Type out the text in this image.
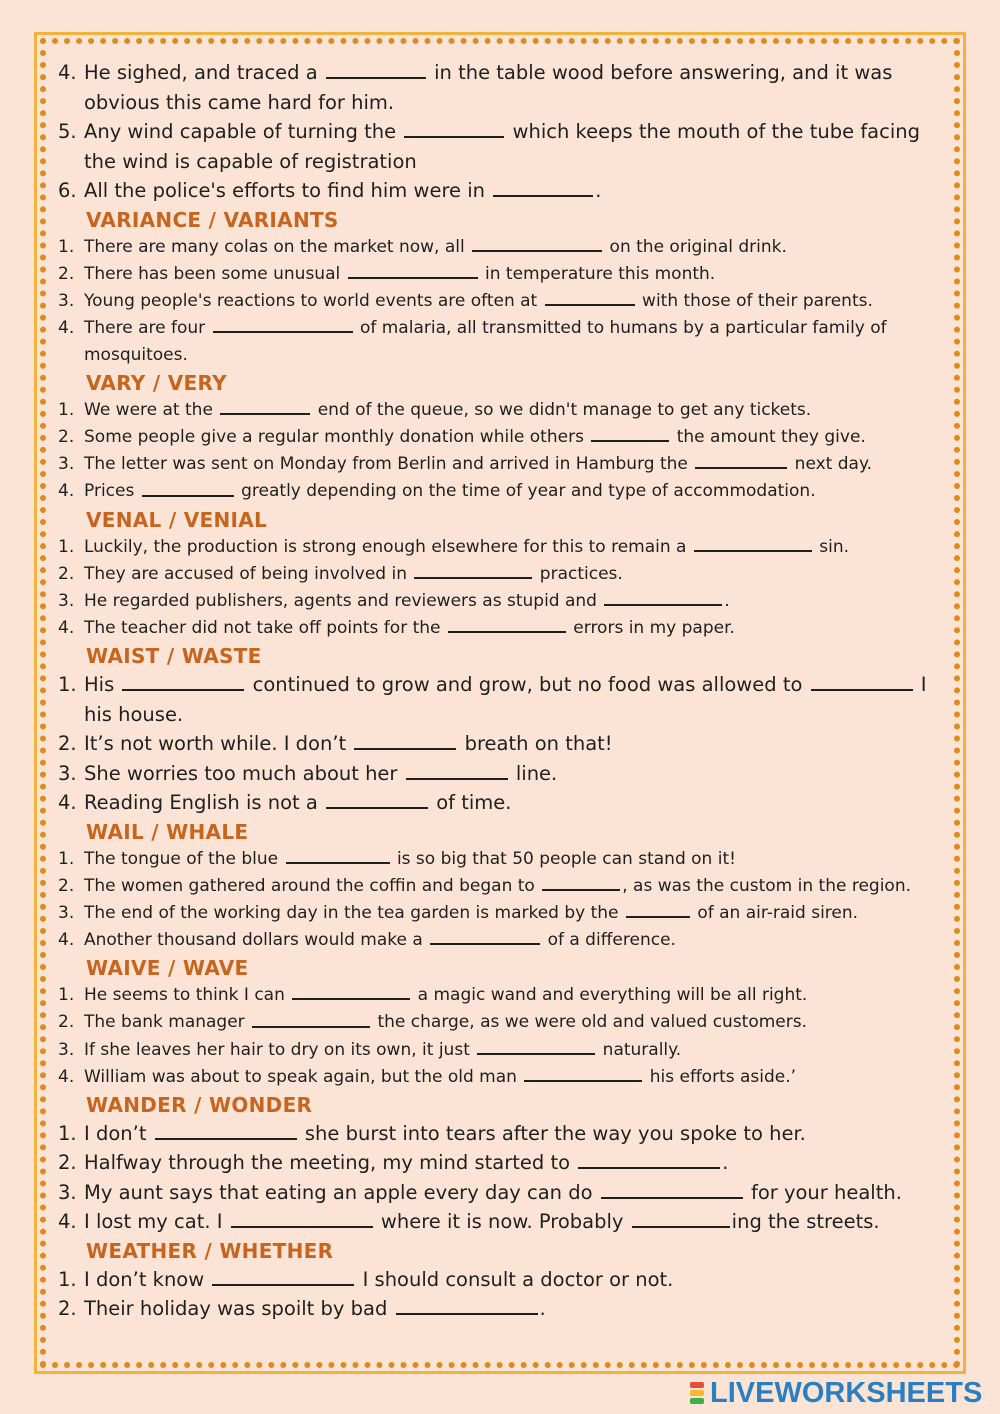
4. He sighed, and traced a	in the table wood before answering, and it was obvious this came hard for him.
5. Any wind capable of turning the	which keeps the mouth of the tube facing the wind is capable of registration
6. All the police's efforts to find him were in	.
VARIANCE / VARIANTS
1. There are many colas on the market now, all	on the original drink.
2. There has been some unusual	in temperature this month.
3. Young people's reactions to world events are often at	with those of their parents.
4. There are four	of malaria, all transmitted to humans by a particular family of mosquitoes.
VARY / VERY
1. We were at the	end of the queue, so we didn't manage to get any tickets.
2. Some people give a regular monthly donation while others	the amount they give.
3. The letter was sent on Monday from Berlin and arrived in Hamburg the	next day.
4. Prices	greatly depending on the time of year and type of accommodation.
VENAL / VENIAL
1. Luckily, the production is strong enough elsewhere for this to remain a	sin.
2. They are accused of being involved in	practices.
3. He regarded publishers, agents and reviewers as stupid and	.
4. The teacher did not take off points for the	errors in my paper.
WAIST / WASTE
1. His	continued to grow and grow, but no food was allowed to	I his house.
2. It’s not worth while. I don’t	breath on that!
3. She worries too much about her	line.
4. Reading English is not a	of time.
WAIL / WHALE
1. The tongue of the blue	is so big that 50 people can stand on it!
2. The women gathered around the coffin and began to	, as was the custom in the region.
3. The end of the working day in the tea garden is marked by the	of an air-raid siren.
4. Another thousand dollars would make a	of a difference.
WAIVE / WAVE
1. He seems to think I can	a magic wand and everything will be all right.
2. The bank manager	the charge, as we were old and valued customers.
3. If she leaves her hair to dry on its own, it just	naturally.
4. William was about to speak again, but the old man	his efforts aside.’
WANDER / WONDER
1. I don’t	she burst into tears after the way you spoke to her.
2. Halfway through the meeting, my mind started to	.
3. My aunt says that eating an apple every day can do	for your health.
4. I lost my cat. I	where it is now. Probably	ing the streets.
WEATHER / WHETHER
1. I don’t know	I should consult a doctor or not.
2. Their holiday was spoilt by bad	.
LIVEWORKSHEETS
